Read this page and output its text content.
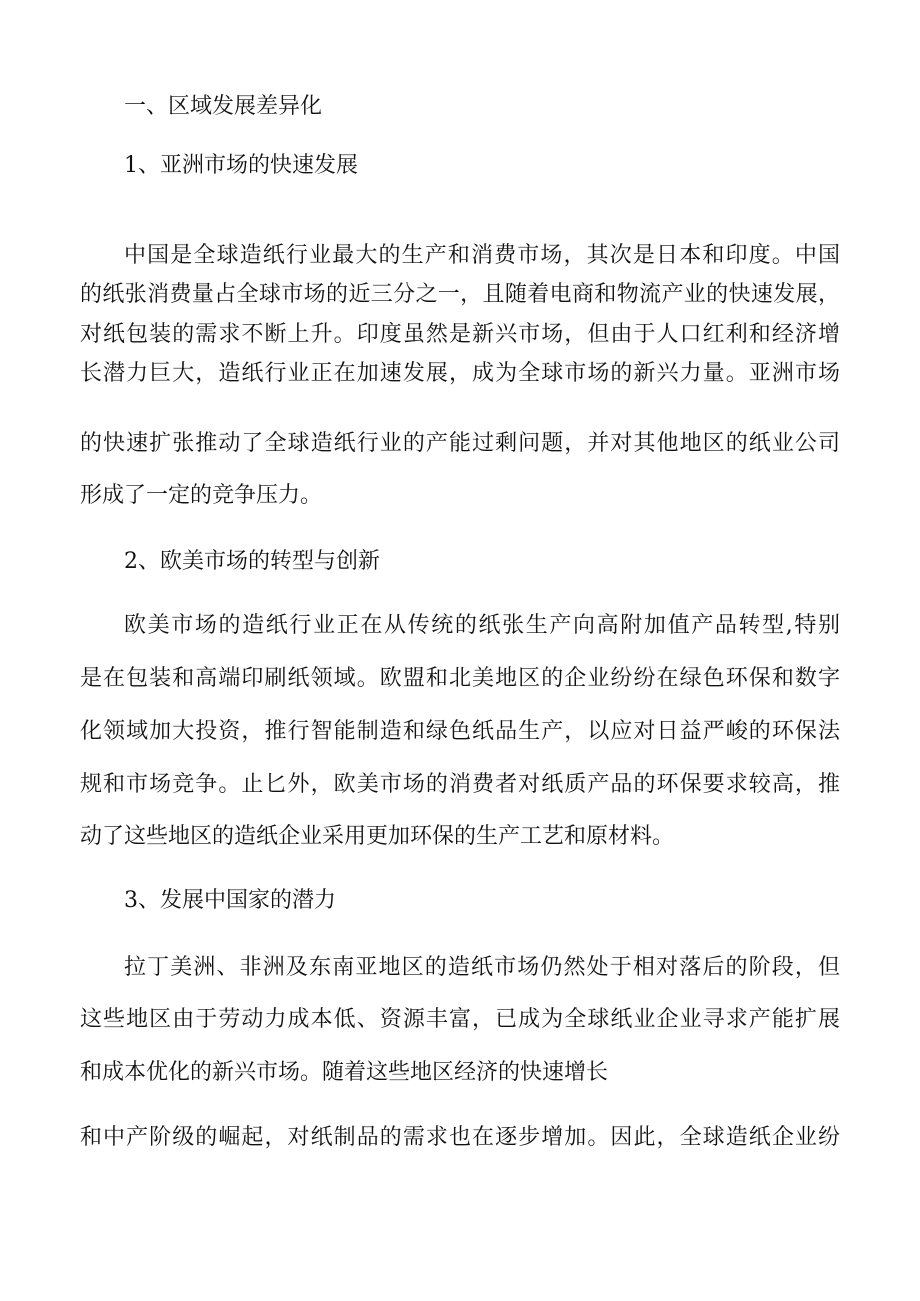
一、区域发展差异化
1、亚洲市场的快速发展
中国是全球造纸行业最大的生产和消费市场，其次是日本和印度。中国
的纸张消费量占全球市场的近三分之一，且随着电商和物流产业的快速发展，
对纸包装的需求不断上升。印度虽然是新兴市场，但由于人口红利和经济增
长潜力巨大，造纸行业正在加速发展，成为全球市场的新兴力量。亚洲市场
的快速扩张推动了全球造纸行业的产能过剩问题，并对其他地区的纸业公司
形成了一定的竞争压力。
2、欧美市场的转型与创新
欧美市场的造纸行业正在从传统的纸张生产向高附加值产品转型,特别
是在包装和高端印刷纸领域。欧盟和北美地区的企业纷纷在绿色环保和数字
化领域加大投资，推行智能制造和绿色纸品生产，以应对日益严峻的环保法
规和市场竞争。止匕外，欧美市场的消费者对纸质产品的环保要求较高，推
动了这些地区的造纸企业采用更加环保的生产工艺和原材料。
3、发展中国家的潜力
拉丁美洲、非洲及东南亚地区的造纸市场仍然处于相对落后的阶段，但
这些地区由于劳动力成本低、资源丰富，已成为全球纸业企业寻求产能扩展
和成本优化的新兴市场。随着这些地区经济的快速增长
和中产阶级的崛起，对纸制品的需求也在逐步增加。因此，全球造纸企业纷
